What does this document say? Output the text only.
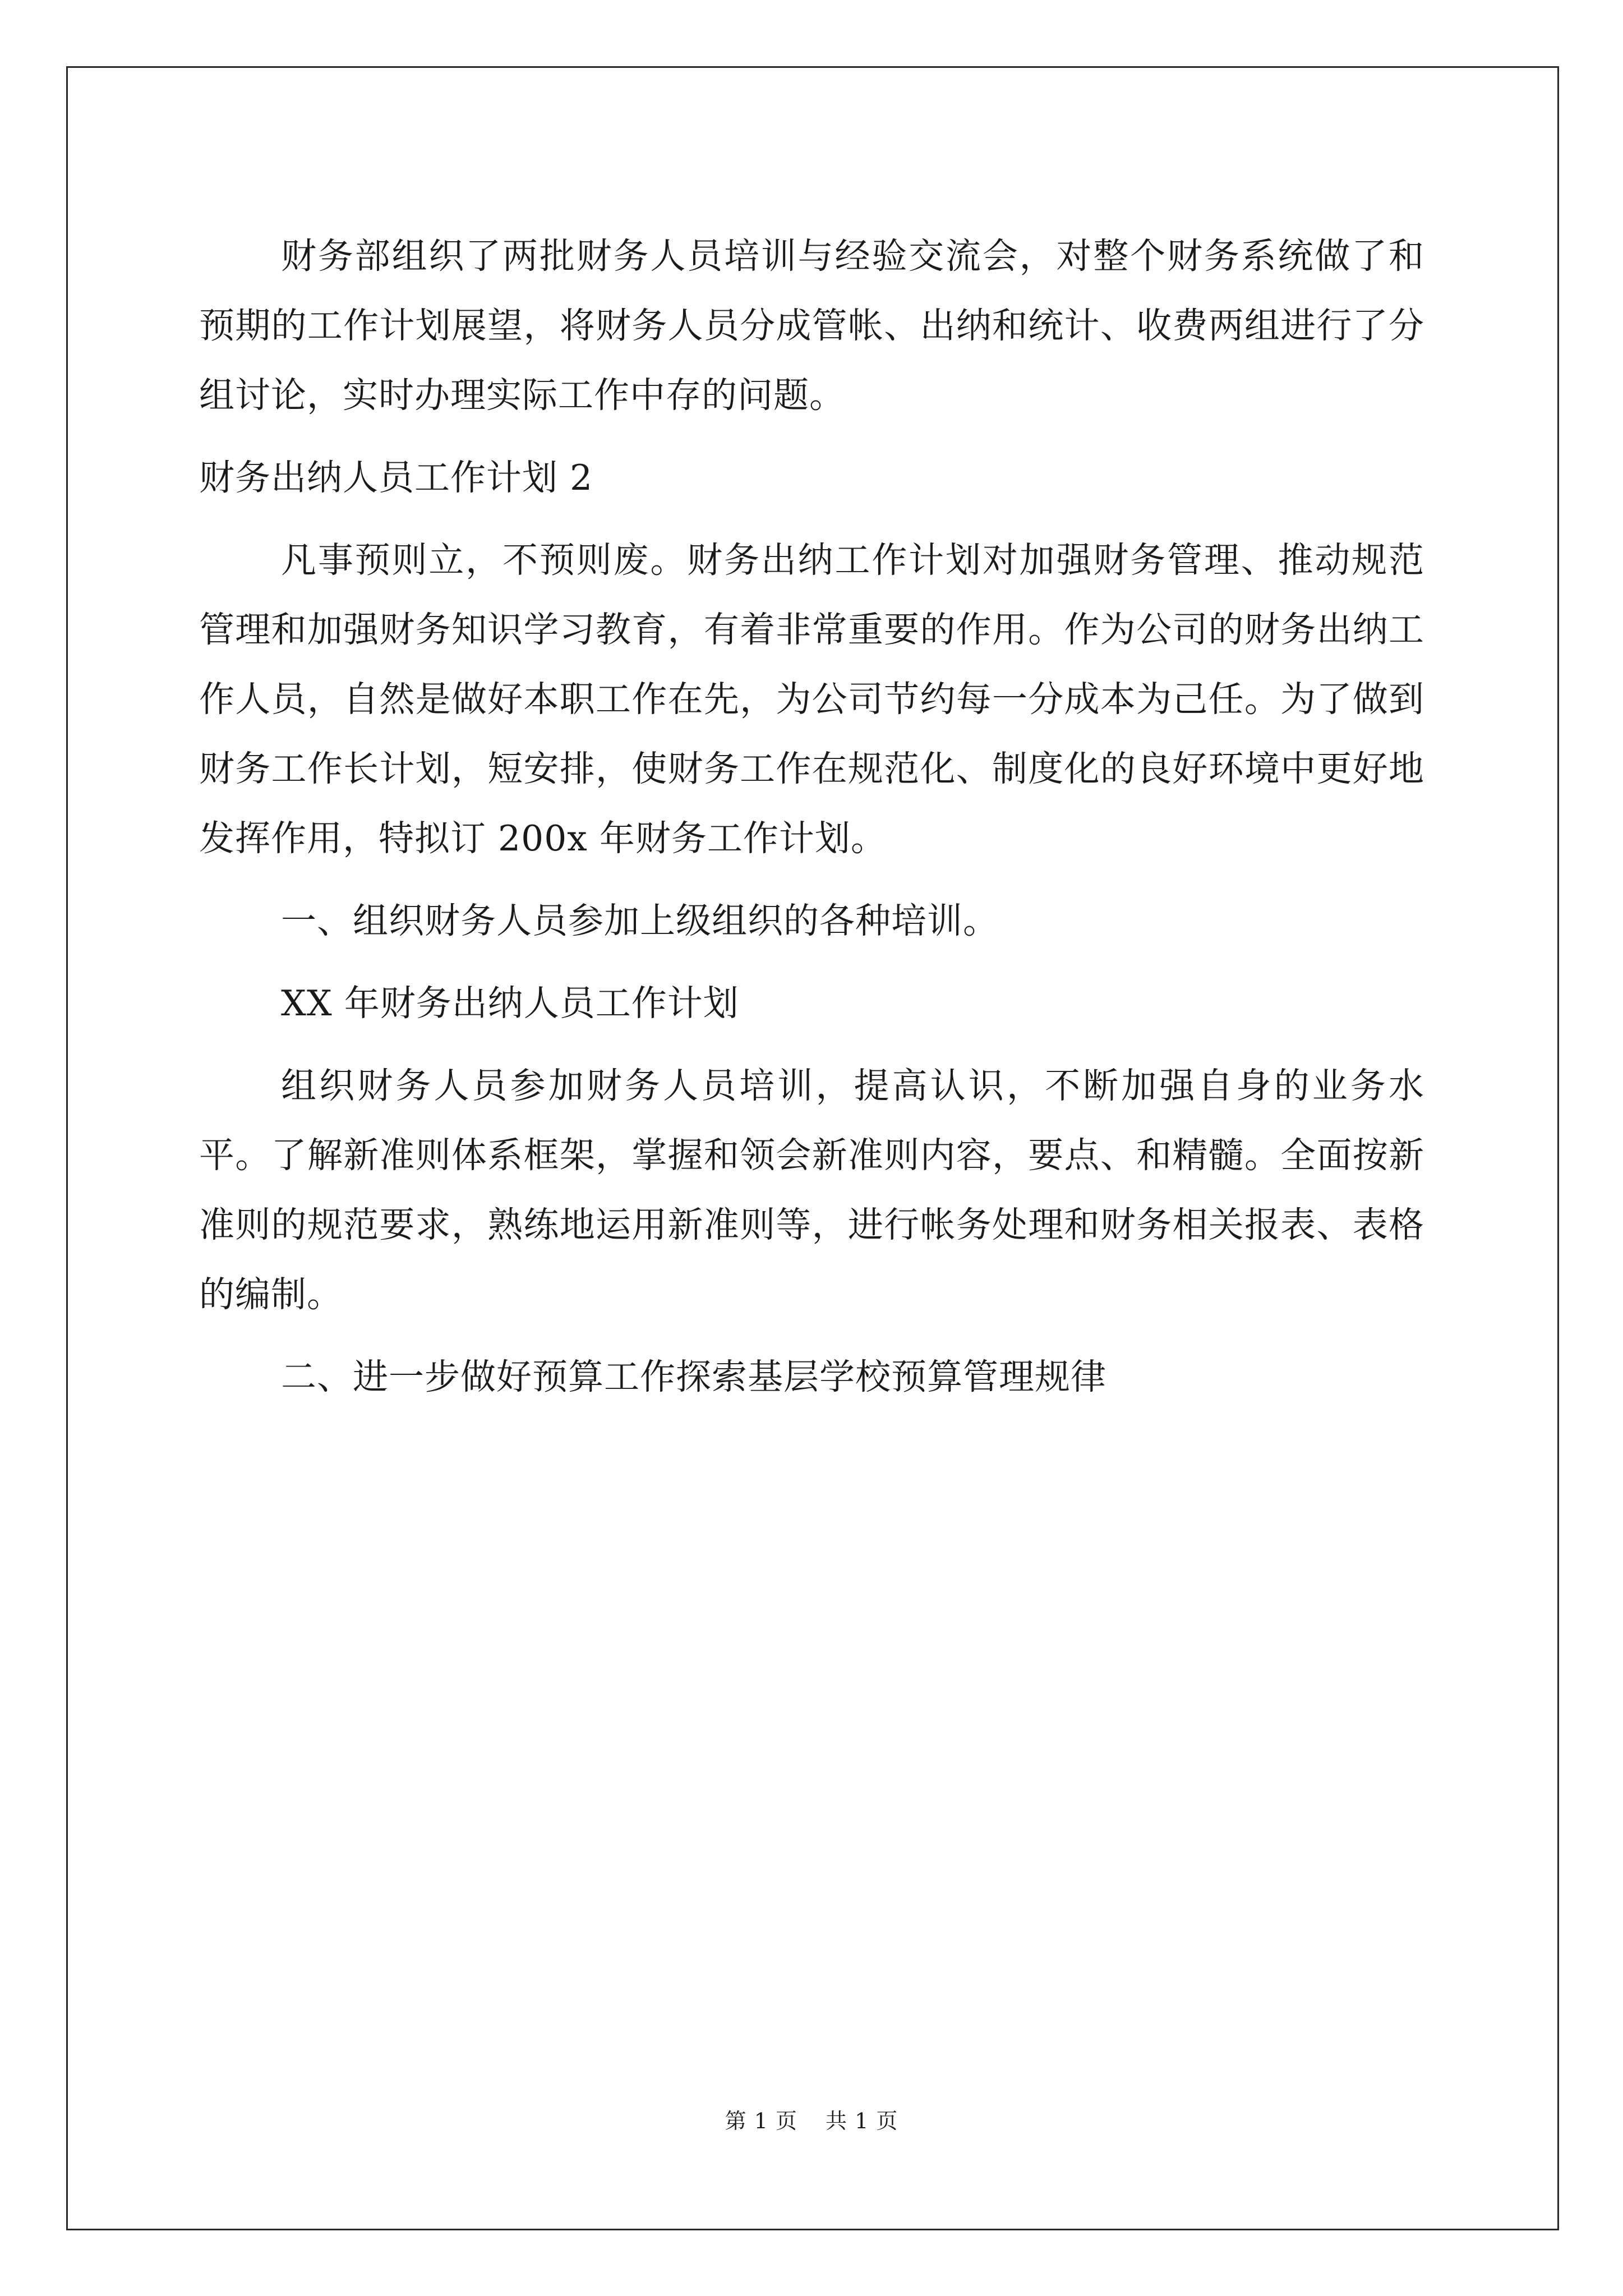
财务部组织了两批财务人员培训与经验交流会，对整个财务系统做了和预期的工作计划展望，将财务人员分成管帐、出纳和统计、收费两组进行了分组讨论，实时办理实际工作中存的问题。

财务出纳人员工作计划 2

凡事预则立，不预则废。财务出纳工作计划对加强财务管理、推动规范管理和加强财务知识学习教育，有着非常重要的作用。作为公司的财务出纳工作人员，自然是做好本职工作在先，为公司节约每一分成本为己任。为了做到财务工作长计划，短安排，使财务工作在规范化、制度化的良好环境中更好地发挥作用，特拟订 200x 年财务工作计划。

一、组织财务人员参加上级组织的各种培训。

XX 年财务出纳人员工作计划

组织财务人员参加财务人员培训，提高认识，不断加强自身的业务水平。了解新准则体系框架，掌握和领会新准则内容，要点、和精髓。全面按新准则的规范要求，熟练地运用新准则等，进行帐务处理和财务相关报表、表格的编制。

二、进一步做好预算工作探索基层学校预算管理规律

第 1 页 共 1 页
